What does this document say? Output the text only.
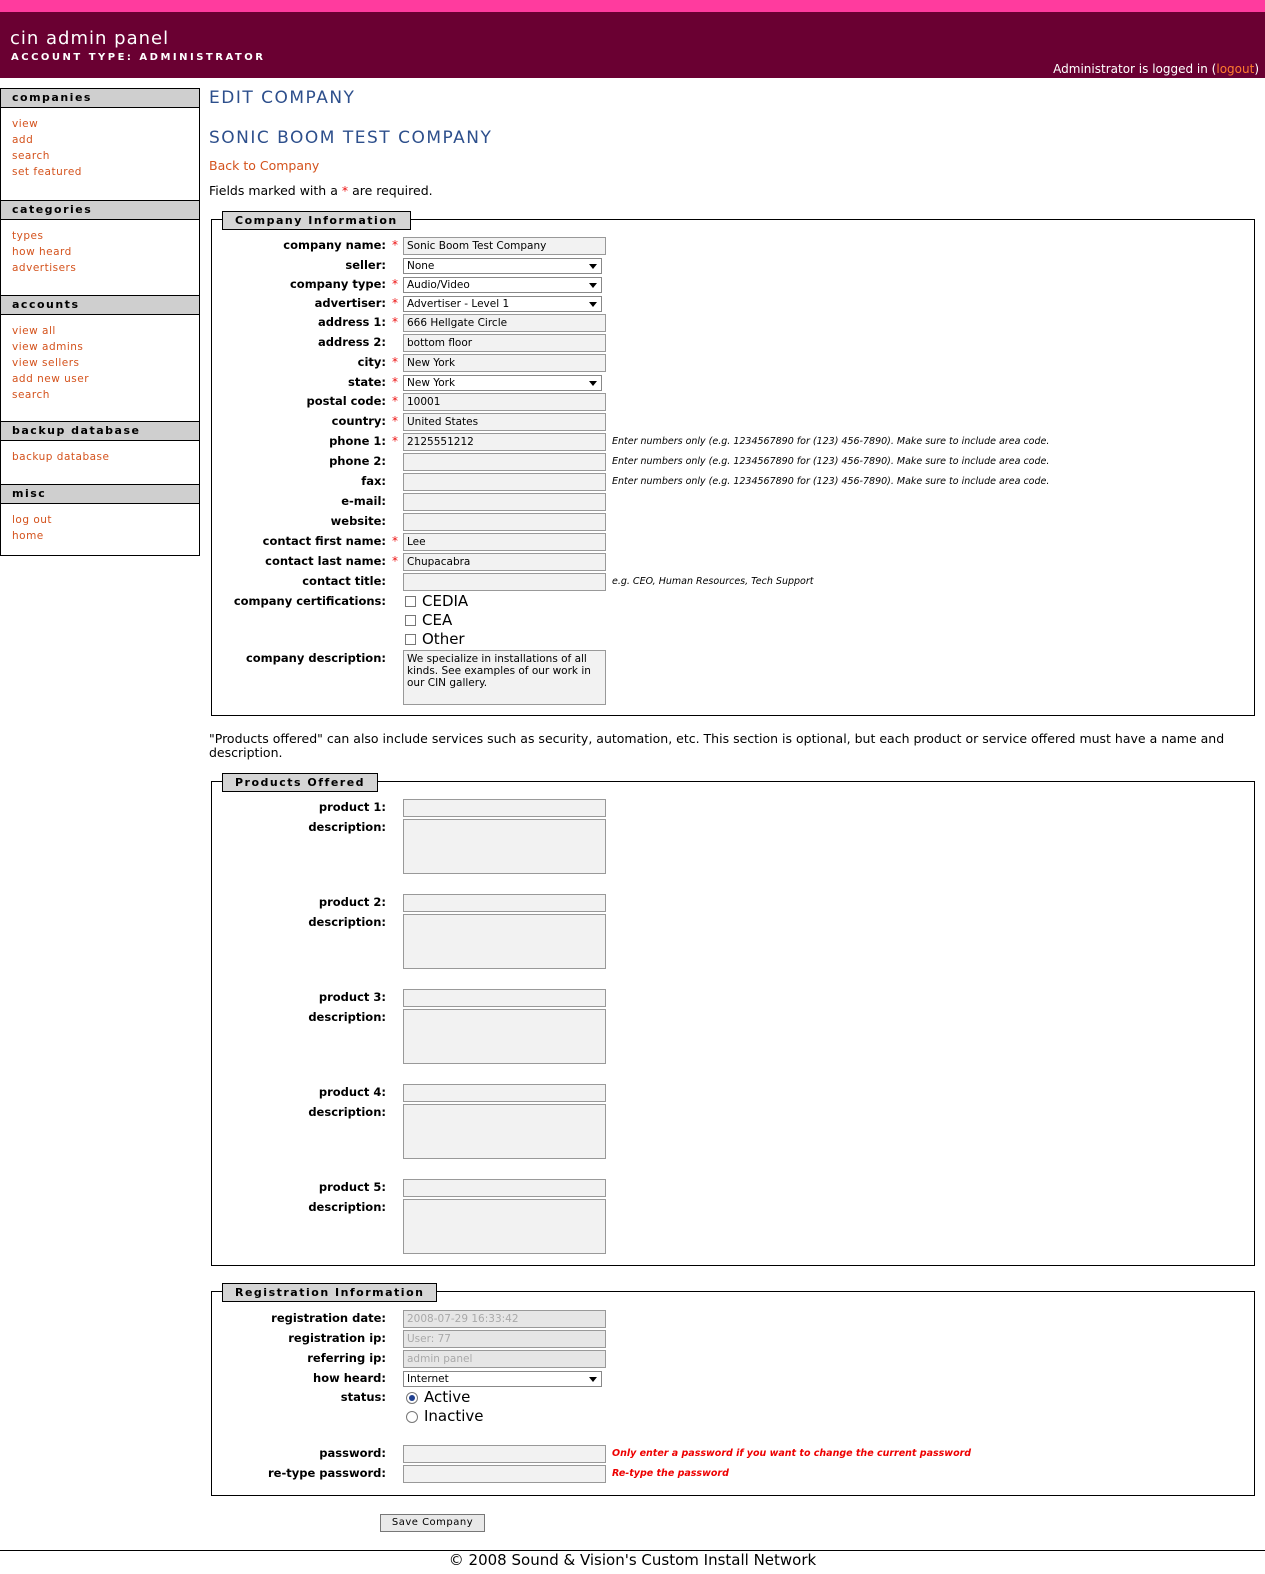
cin admin panel
ACCOUNT TYPE: ADMINISTRATOR
Administrator is logged in (logout)
companies
view
add
search
set featured
categories
types
how heard
advertisers
accounts
view all
view admins
view sellers
add new user
search
backup database
backup database
misc
log out
home
EDIT COMPANY
SONIC BOOM TEST COMPANY
Back to Company
Fields marked with a * are required.
Company Information
company name: * Sonic Boom Test Company
seller:	None
company type: * Audio/Video
advertiser: * Advertiser - Level 1
address 1: * 666 Hellgate Circle
address 2:	bottom floor
city: * New York
state: * New York
postal code: * 10001
country: * United States
phone 1: * 2125551212	Enter numbers only (e.g. 1234567890 for (123) 456-7890). Make sure to include area code.
phone 2:	Enter numbers only (e.g. 1234567890 for (123) 456-7890). Make sure to include area code.
fax:	Enter numbers only (e.g. 1234567890 for (123) 456-7890). Make sure to include area code.
e-mail:
website:
contact first name: * Lee
contact last name: * Chupacabra
contact title:	e.g. CEO, Human Resources, Tech Support
company certifications: CEDIA
CEA
Other
company description:	We specialize in installations of all kinds. See examples of our work in our CIN gallery.
"Products offered" can also include services such as security, automation, etc. This section is optional, but each product or service offered must have a name and description.
Products Offered
product 1:
description:
product 2:
description:
product 3:
description:
product 4:
description:
product 5:
description:
Registration Information
registration date:	2008-07-29 16:33:42
registration ip:	User: 77
referring ip:	admin panel
how heard:	Internet
status:	Active
Inactive
password:	Only enter a password if you want to change the current password
re-type password:	Re-type the password
Save Company
© 2008 Sound & Vision's Custom Install Network
